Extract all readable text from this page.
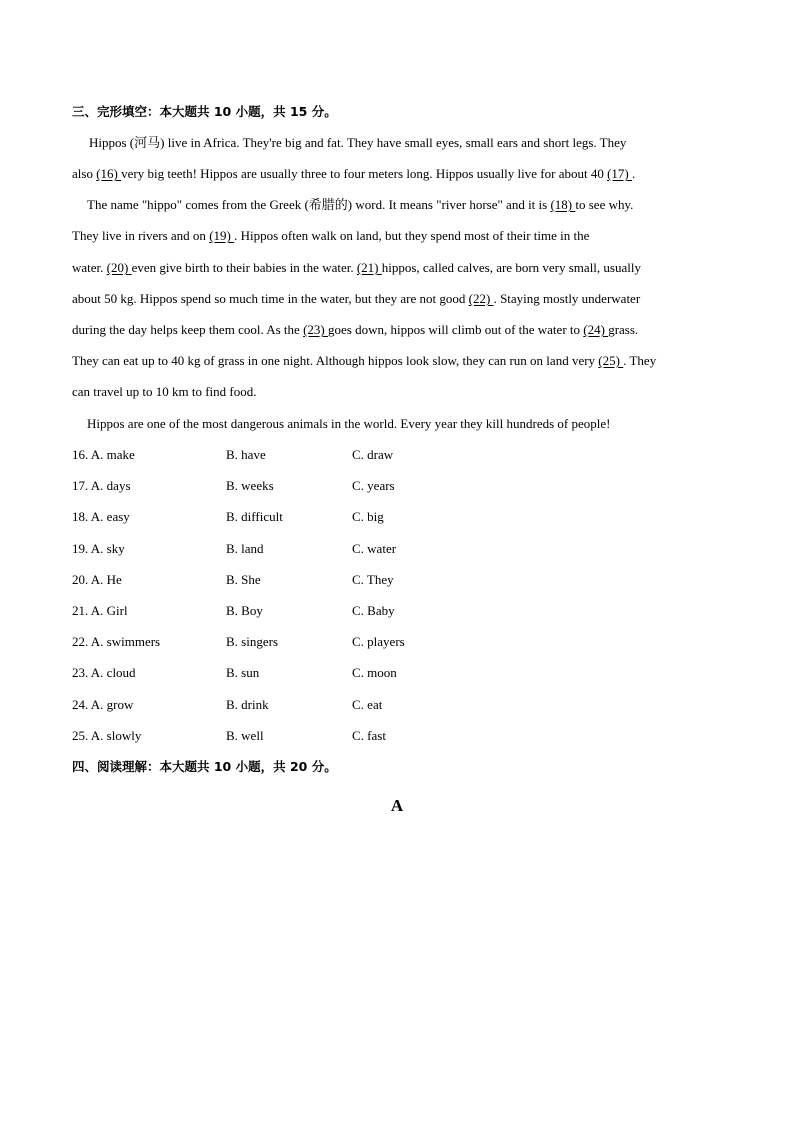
三、完形填空：本大题共 10 小题，共 15 分。
Hippos (河马) live in Africa. They're big and fat. They have small eyes, small ears and short legs. They
also (16) very big teeth! Hippos are usually three to four meters long. Hippos usually live for about 40 (17) .
The name "hippo" comes from the Greek (希腊的) word. It means "river horse" and it is (18) to see why.
They live in rivers and on (19) . Hippos often walk on land, but they spend most of their time in the
water. (20) even give birth to their babies in the water. (21) hippos, called calves, are born very small, usually
about 50 kg. Hippos spend so much time in the water, but they are not good (22) . Staying mostly underwater
during the day helps keep them cool. As the (23) goes down, hippos will climb out of the water to (24) grass.
They can eat up to 40 kg of grass in one night. Although hippos look slow, they can run on land very (25) . They
can travel up to 10 km to find food.
Hippos are one of the most dangerous animals in the world. Every year they kill hundreds of people!
16. A. make	B. have	C. draw
17. A. days	B. weeks	C. years
18. A. easy	B. difficult	C. big
19. A. sky	B. land	C. water
20. A. He	B. She	C. They
21. A. Girl	B. Boy	C. Baby
22. A. swimmers	B. singers	C. players
23. A. cloud	B. sun	C. moon
24. A. grow	B. drink	C. eat
25. A. slowly	B. well	C. fast
四、阅读理解：本大题共 10 小题，共 20 分。
A
